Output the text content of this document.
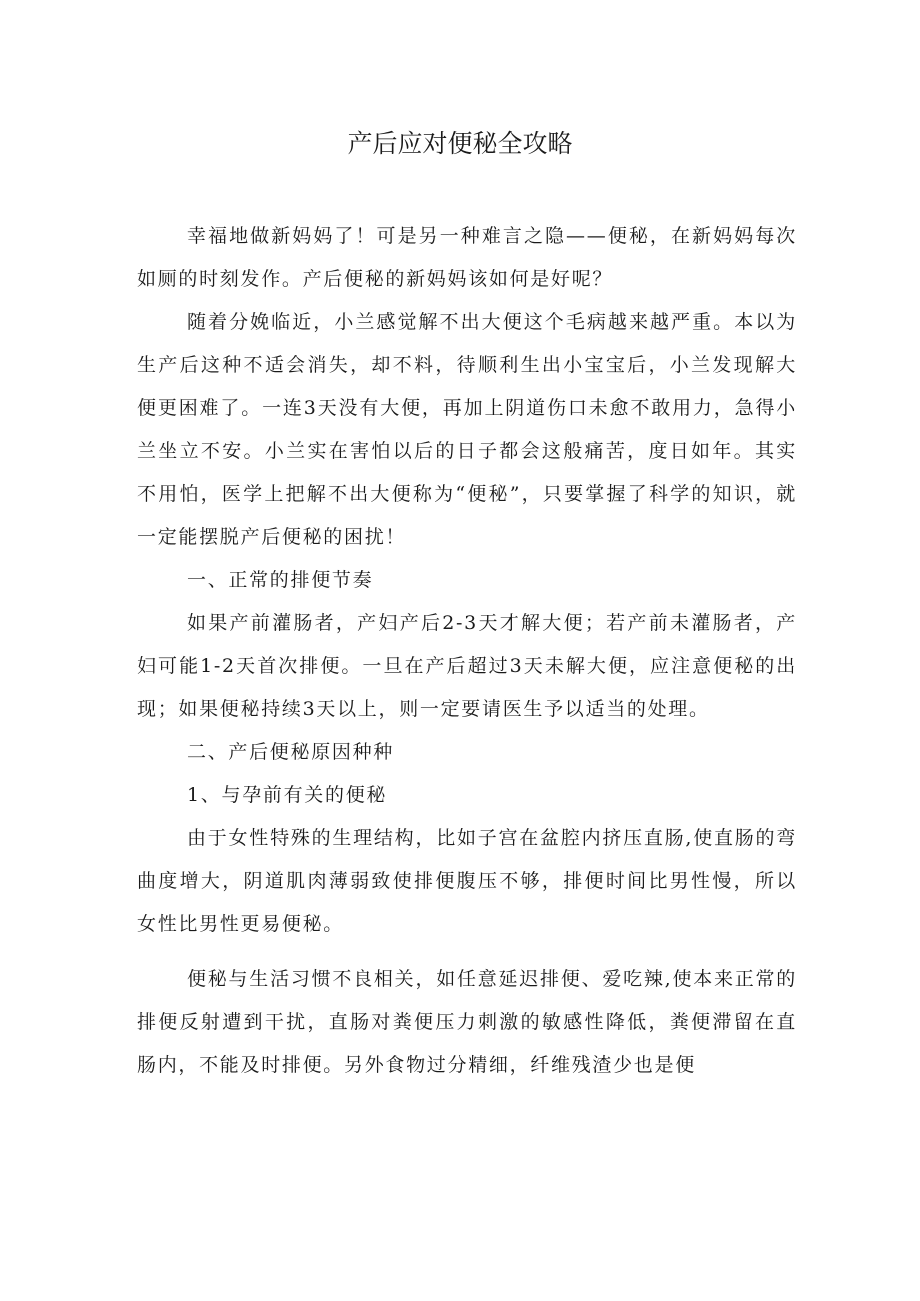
产后应对便秘全攻略

幸福地做新妈妈了！可是另一种难言之隐——便秘，在新妈妈每次如厕的时刻发作。产后便秘的新妈妈该如何是好呢？

随着分娩临近，小兰感觉解不出大便这个毛病越来越严重。本以为生产后这种不适会消失，却不料，待顺利生出小宝宝后，小兰发现解大便更困难了。一连3天没有大便，再加上阴道伤口未愈不敢用力，急得小兰坐立不安。小兰实在害怕以后的日子都会这般痛苦，度日如年。其实不用怕，医学上把解不出大便称为“便秘”，只要掌握了科学的知识，就一定能摆脱产后便秘的困扰！

一、正常的排便节奏

如果产前灌肠者，产妇产后2-3天才解大便；若产前未灌肠者，产妇可能1-2天首次排便。一旦在产后超过3天未解大便，应注意便秘的出现；如果便秘持续3天以上，则一定要请医生予以适当的处理。

二、产后便秘原因种种

1、与孕前有关的便秘

由于女性特殊的生理结构，比如子宫在盆腔内挤压直肠,使直肠的弯曲度增大，阴道肌肉薄弱致使排便腹压不够，排便时间比男性慢，所以女性比男性更易便秘。

便秘与生活习惯不良相关，如任意延迟排便、爱吃辣,使本来正常的排便反射遭到干扰，直肠对粪便压力刺激的敏感性降低，粪便滞留在直肠内，不能及时排便。另外食物过分精细，纤维残渣少也是便
